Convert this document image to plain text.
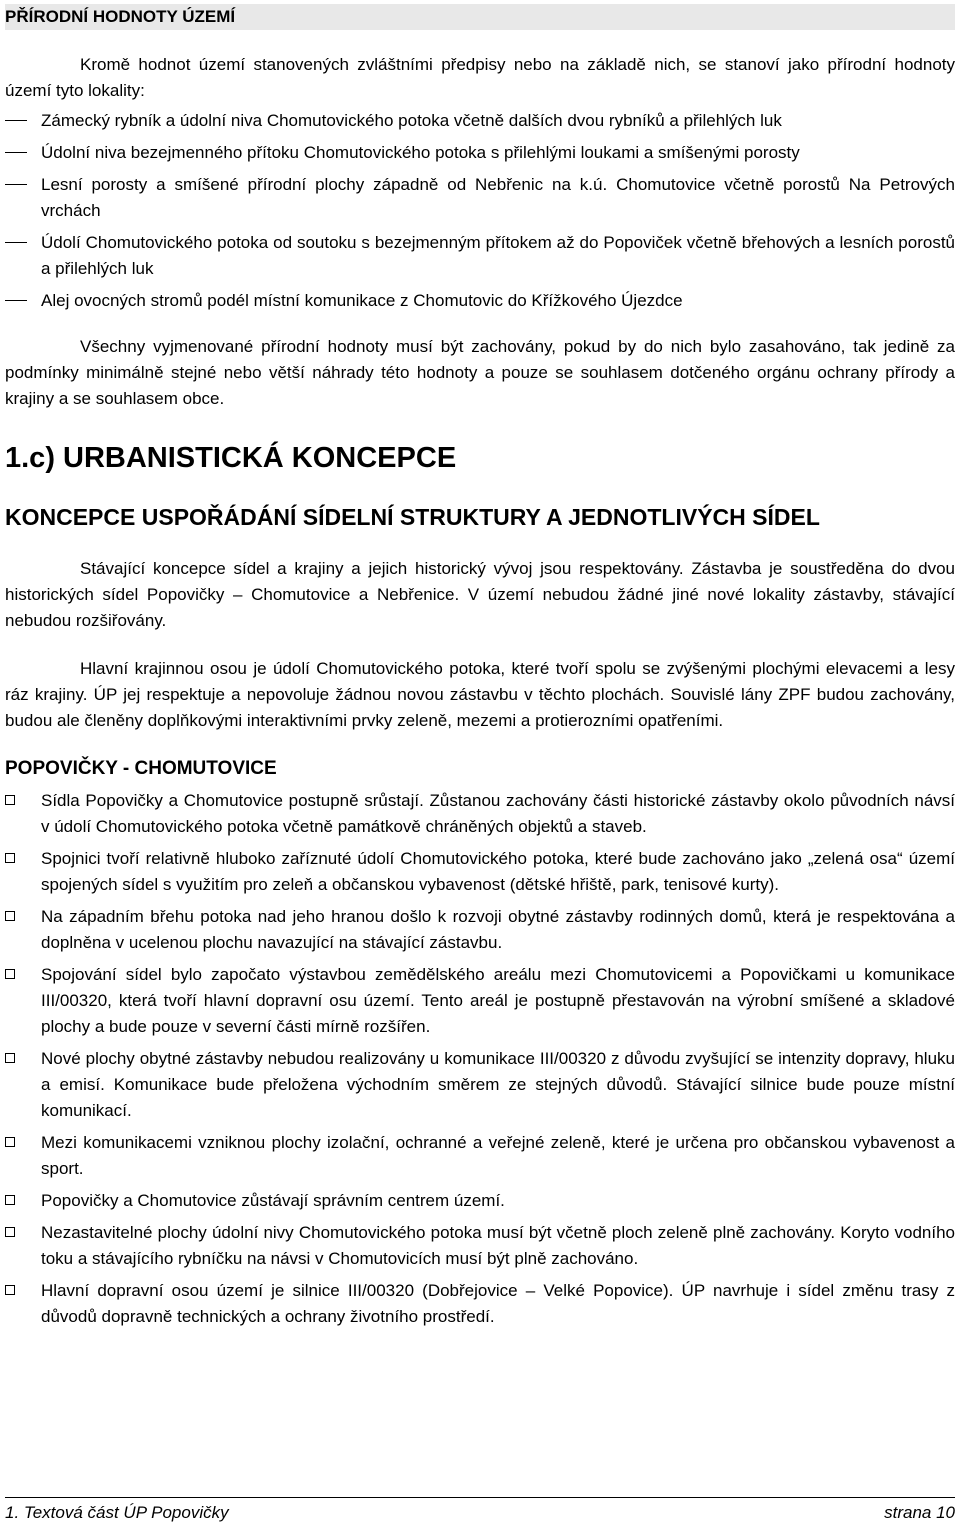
PŘÍRODNÍ HODNOTY ÚZEMÍ

Kromě hodnot území stanovených zvláštními předpisy nebo na základě nich, se stanoví jako přírodní hodnoty území tyto lokality:

Zámecký rybník a údolní niva Chomutovického potoka včetně dalších dvou rybníků a přilehlých luk
Údolní niva bezejmenného přítoku Chomutovického potoka s přilehlými loukami a smíšenými porosty
Lesní porosty a smíšené přírodní plochy západně od Nebřenic na k.ú. Chomutovice včetně porostů Na Petrových vrchách
Údolí Chomutovického potoka od soutoku s bezejmenným přítokem až do Popoviček včetně břehových a lesních porostů a přilehlých luk
Alej ovocných stromů podél místní komunikace z Chomutovic do Křížkového Újezdce

Všechny vyjmenované přírodní hodnoty musí být zachovány, pokud by do nich bylo zasahováno, tak jedině za podmínky minimálně stejné nebo větší náhrady této hodnoty a pouze se souhlasem dotčeného orgánu ochrany přírody a krajiny a se souhlasem obce.

1.c) URBANISTICKÁ KONCEPCE
KONCEPCE USPOŘÁDÁNÍ SÍDELNÍ STRUKTURY A JEDNOTLIVÝCH SÍDEL

Stávající koncepce sídel a krajiny a jejich historický vývoj jsou respektovány. Zástavba je soustředěna do dvou historických sídel Popovičky – Chomutovice a Nebřenice. V území nebudou žádné jiné nové lokality zástavby, stávající nebudou rozšiřovány.

Hlavní krajinnou osou je údolí Chomutovického potoka, které tvoří spolu se zvýšenými plochými elevacemi a lesy ráz krajiny. ÚP jej respektuje a nepovoluje žádnou novou zástavbu v těchto plochách. Souvislé lány ZPF budou zachovány, budou ale členěny doplňkovými interaktivními prvky zeleně, mezemi a protierozními opatřeními.

POPOVIČKY - CHOMUTOVICE
Sídla Popovičky a Chomutovice postupně srůstají. Zůstanou zachovány části historické zástavby okolo původních návsí v údolí Chomutovického potoka včetně památkově chráněných objektů a staveb.
Spojnici tvoří relativně hluboko zaříznuté údolí Chomutovického potoka, které bude zachováno jako „zelená osa“ území spojených sídel s využitím pro zeleň a občanskou vybavenost (dětské hřiště, park, tenisové kurty).
Na západním břehu potoka nad jeho hranou došlo k rozvoji obytné zástavby rodinných domů, která je respektována a doplněna v ucelenou plochu navazující na stávající zástavbu.
Spojování sídel bylo započato výstavbou zemědělského areálu mezi Chomutovicemi a Popovičkami u komunikace III/00320, která tvoří hlavní dopravní osu území. Tento areál je postupně přestavován na výrobní smíšené a skladové plochy a bude pouze v severní části mírně rozšířen.
Nové plochy obytné zástavby nebudou realizovány u komunikace III/00320 z důvodu zvyšující se intenzity dopravy, hluku a emisí. Komunikace bude přeložena východním směrem ze stejných důvodů. Stávající silnice bude pouze místní komunikací.
Mezi komunikacemi vzniknou plochy izolační, ochranné a veřejné zeleně, které je určena pro občanskou vybavenost a sport.
Popovičky a Chomutovice zůstávají správním centrem území.
Nezastavitelné plochy údolní nivy Chomutovického potoka musí být včetně ploch zeleně plně zachovány. Koryto vodního toku a stávajícího rybníčku na návsi v Chomutovicích musí být plně zachováno.
Hlavní dopravní osou území je silnice III/00320 (Dobřejovice – Velké Popovice). ÚP navrhuje i sídel změnu trasy z důvodů dopravně technických a ochrany životního prostředí.
1. Textová část ÚP Popovičky	strana 10
